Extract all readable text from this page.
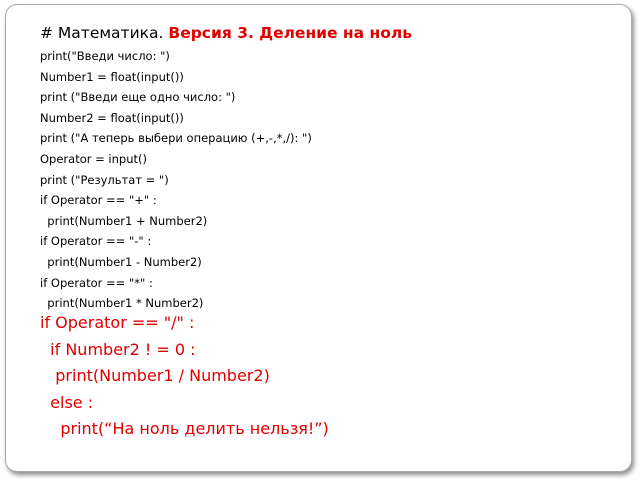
# Математика. Версия 3. Деление на ноль
print("Введи число: ")
Number1 = float(input())
print ("Введи еще одно число: ")
Number2 = float(input())
print ("А теперь выбери операцию (+,-,*,/): ")
Operator = input()
print ("Результат = ")
if Operator == "+" :
print(Number1 + Number2)
if Operator == "-" :
print(Number1 - Number2)
if Operator == "*" :
print(Number1 * Number2)
if Operator == "/" :
if Number2 ! = 0 :
print(Number1 / Number2)
else :
print(“На ноль делить нельзя!”)
